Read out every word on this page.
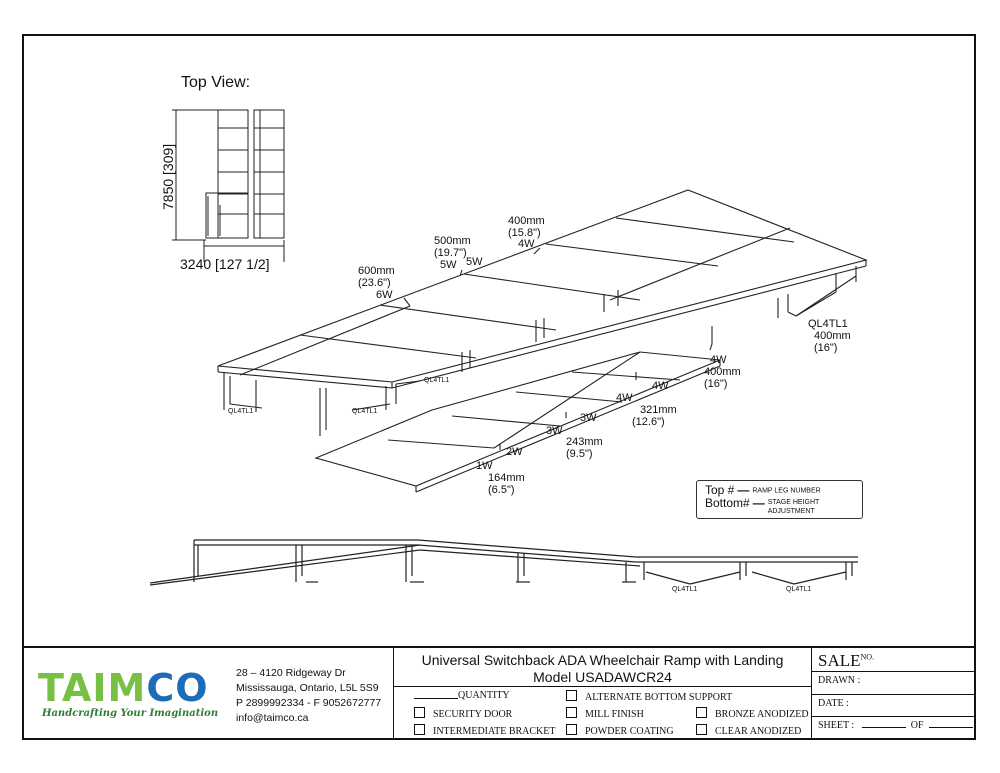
Top View:
7850 [309]
3240 [127 1/2]
400mm
(15.8")
4W
500mm
(19.7")
5W 5W
600mm
(23.6")
6W
QL4TL1
400mm
(16")
4W
400mm
(16")
4W
4W
321mm
(12.6")
3W
3W
243mm
(9.5")
2W
1W
164mm
(6.5")
QL4TL1
QL4TL1	QL4TL1
QL4TL1	QL4TL1
Top # — RAMP LEG NUMBER
Bottom# — STAGE HEIGHT ADJUSTMENT
TAIMCO
Handcrafting Your Imagination
28 – 4120 Ridgeway Dr
Mississauga, Ontario, L5L 5S9
P 2899992334 - F 9052672777
info@taimco.ca
Universal Switchback ADA Wheelchair Ramp with Landing
Model USADAWCR24
QUANTITY
SECURITY DOOR
INTERMEDIATE BRACKET
ALTERNATE BOTTOM SUPPORT
MILL FINISH
POWDER COATING
BRONZE ANODIZED
CLEAR ANODIZED
$SALE^{NO.}$
DRAWN :
DATE :
SHEET :	OF
